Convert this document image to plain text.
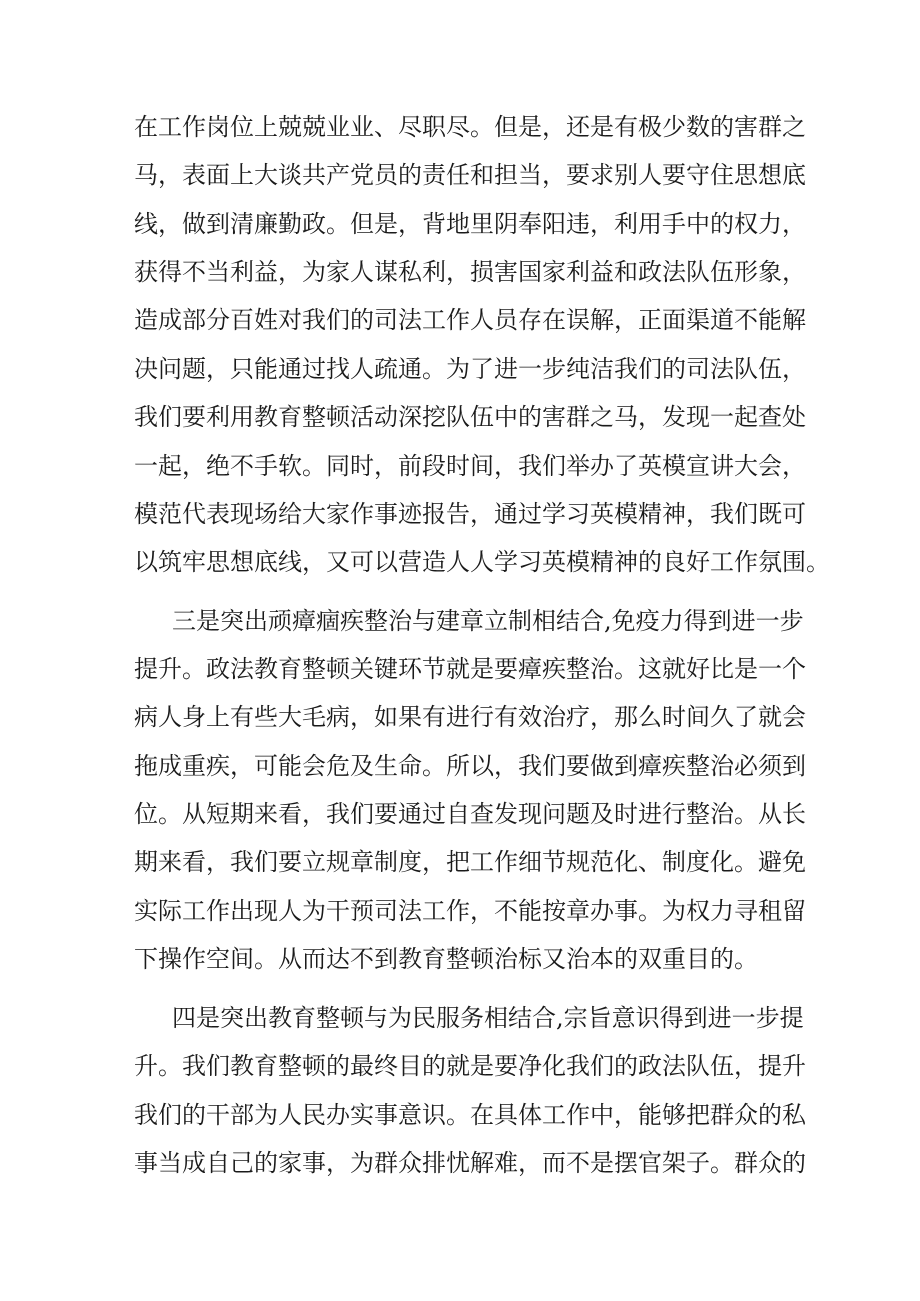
在工作岗位上兢兢业业、尽职尽。但是，还是有极少数的害群之
马，表面上大谈共产党员的责任和担当，要求别人要守住思想底
线，做到清廉勤政。但是，背地里阴奉阳违，利用手中的权力，
获得不当利益，为家人谋私利，损害国家利益和政法队伍形象，
造成部分百姓对我们的司法工作人员存在误解，正面渠道不能解
决问题，只能通过找人疏通。为了进一步纯洁我们的司法队伍，
我们要利用教育整顿活动深挖队伍中的害群之马，发现一起查处
一起，绝不手软。同时，前段时间，我们举办了英模宣讲大会，
模范代表现场给大家作事迹报告，通过学习英模精神，我们既可
以筑牢思想底线，又可以营造人人学习英模精神的良好工作氛围。
三是突出顽瘴痼疾整治与建章立制相结合,免疫力得到进一步
提升。政法教育整顿关键环节就是要瘴疾整治。这就好比是一个
病人身上有些大毛病，如果有进行有效治疗，那么时间久了就会
拖成重疾，可能会危及生命。所以，我们要做到瘴疾整治必须到
位。从短期来看，我们要通过自查发现问题及时进行整治。从长
期来看，我们要立规章制度，把工作细节规范化、制度化。避免
实际工作出现人为干预司法工作，不能按章办事。为权力寻租留
下操作空间。从而达不到教育整顿治标又治本的双重目的。
四是突出教育整顿与为民服务相结合,宗旨意识得到进一步提
升。我们教育整顿的最终目的就是要净化我们的政法队伍，提升
我们的干部为人民办实事意识。在具体工作中，能够把群众的私
事当成自己的家事，为群众排忧解难，而不是摆官架子。群众的
